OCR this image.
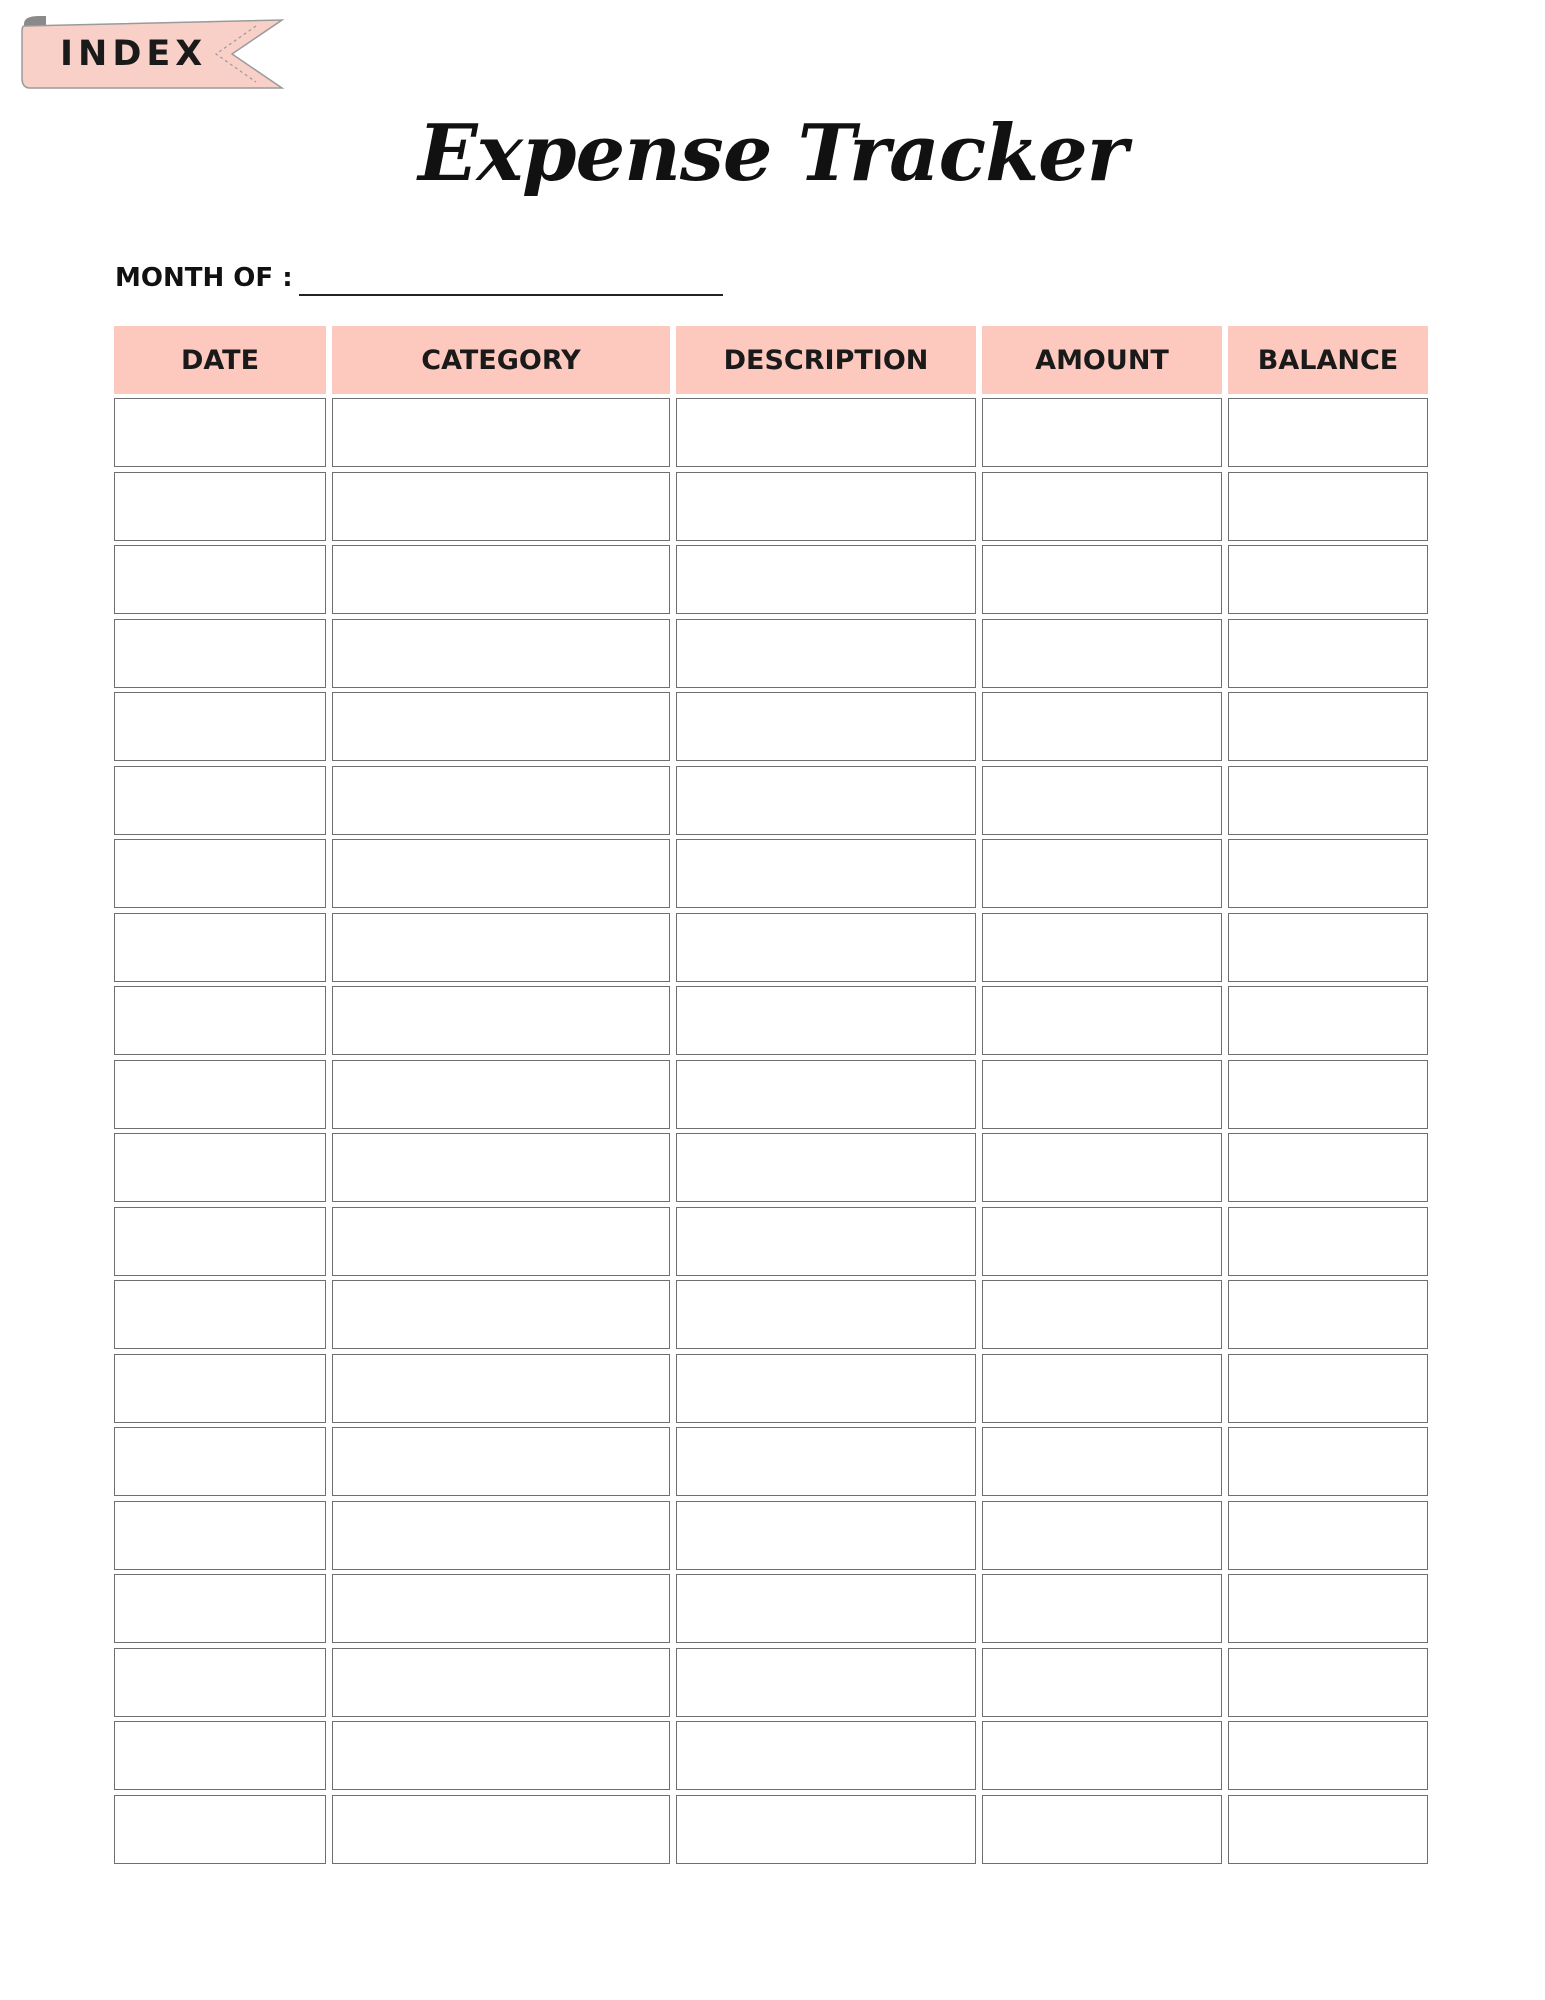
INDEX
Expense Tracker
MONTH OF :
DATE	CATEGORY	DESCRIPTION	AMOUNT	BALANCE
